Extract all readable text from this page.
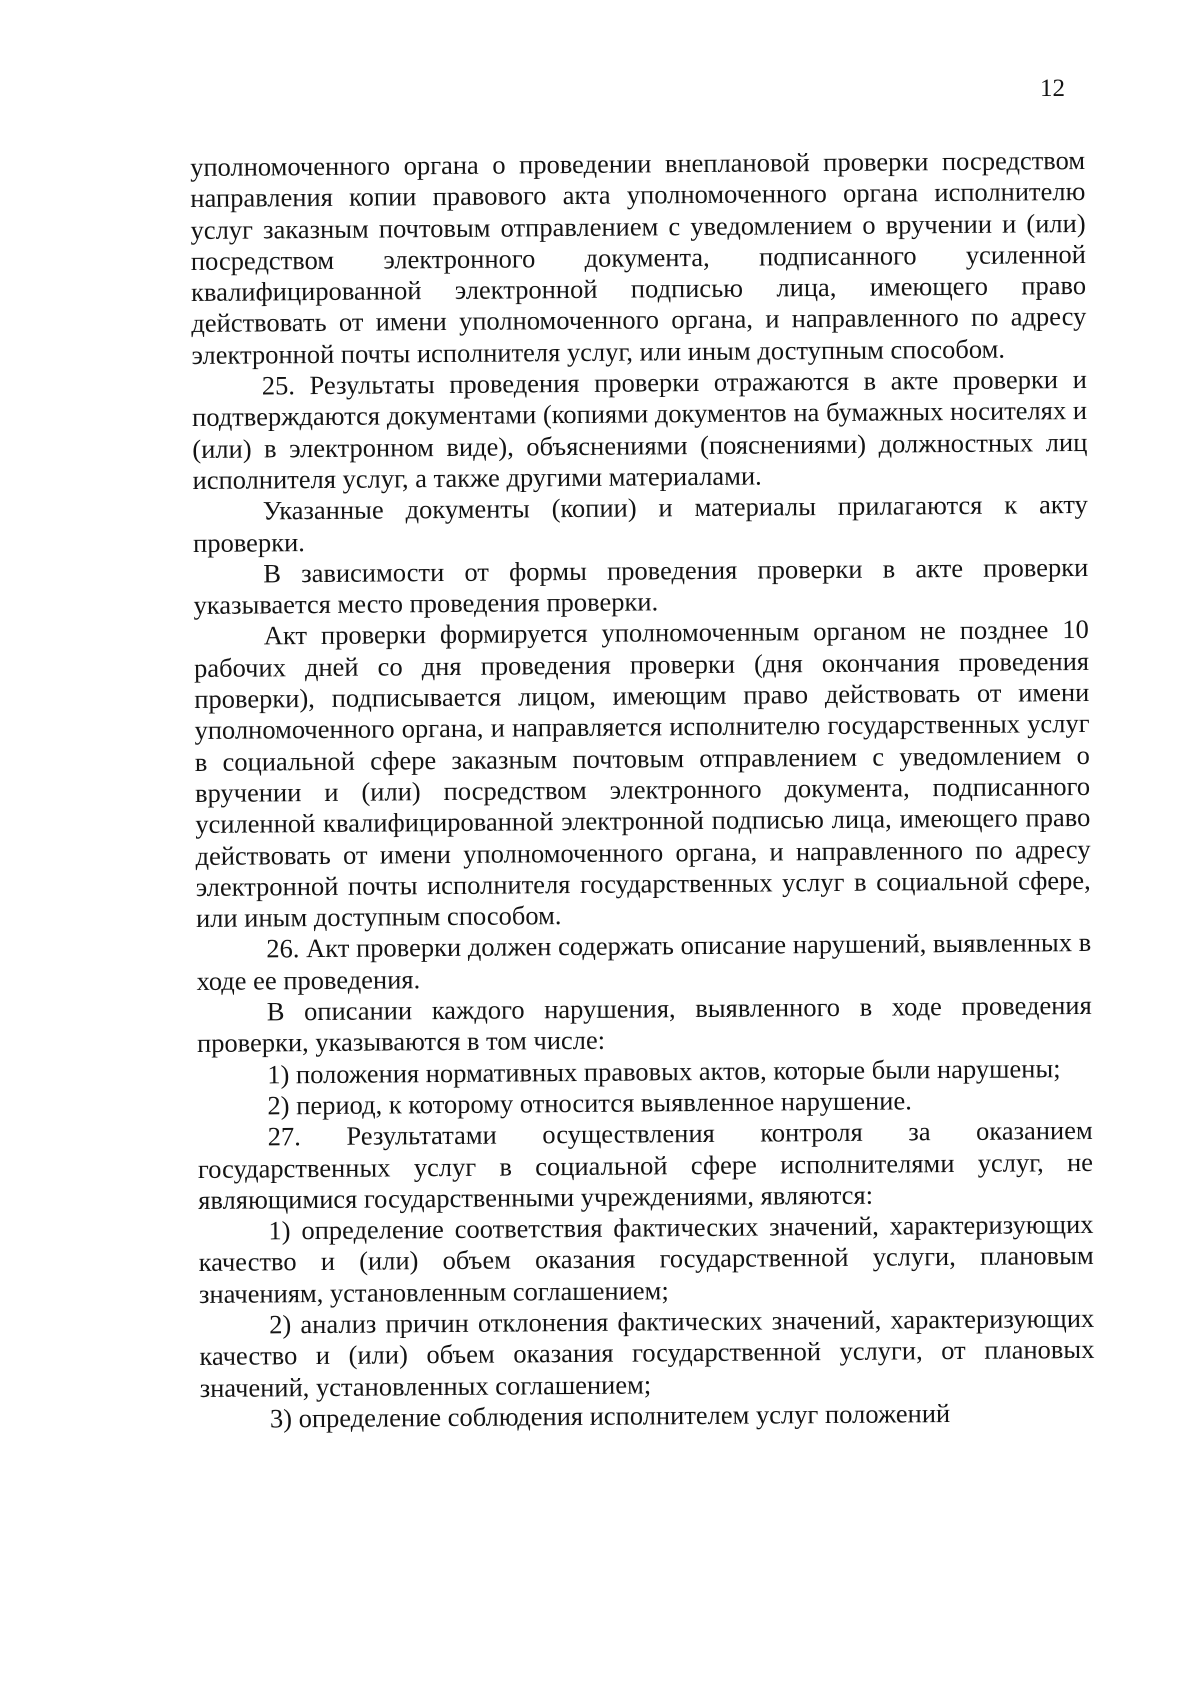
12

уполномоченного органа о проведении внеплановой проверки посредством направления копии правового акта уполномоченного органа исполнителю услуг заказным почтовым отправлением с уведомлением о вручении и (или) посредством электронного документа, подписанного усиленной квалифицированной электронной подписью лица, имеющего право действовать от имени уполномоченного органа, и направленного по адресу электронной почты исполнителя услуг, или иным доступным способом.

25. Результаты проведения проверки отражаются в акте проверки и подтверждаются документами (копиями документов на бумажных носителях и (или) в электронном виде), объяснениями (пояснениями) должностных лиц исполнителя услуг, а также другими материалами.

Указанные документы (копии) и материалы прилагаются к акту проверки.

В зависимости от формы проведения проверки в акте проверки указывается место проведения проверки.

Акт проверки формируется уполномоченным органом не позднее 10 рабочих дней со дня проведения проверки (дня окончания проведения проверки), подписывается лицом, имеющим право действовать от имени уполномоченного органа, и направляется исполнителю государственных услуг в социальной сфере заказным почтовым отправлением с уведомлением о вручении и (или) посредством электронного документа, подписанного усиленной квалифицированной электронной подписью лица, имеющего право действовать от имени уполномоченного органа, и направленного по адресу электронной почты исполнителя государственных услуг в социальной сфере, или иным доступным способом.

26. Акт проверки должен содержать описание нарушений, выявленных в ходе ее проведения.

В описании каждого нарушения, выявленного в ходе проведения проверки, указываются в том числе:

1) положения нормативных правовых актов, которые были нарушены;

2) период, к которому относится выявленное нарушение.

27. Результатами осуществления контроля за оказанием государственных услуг в социальной сфере исполнителями услуг, не являющимися государственными учреждениями, являются:

1) определение соответствия фактических значений, характеризующих качество и (или) объем оказания государственной услуги, плановым значениям, установленным соглашением;

2) анализ причин отклонения фактических значений, характеризующих качество и (или) объем оказания государственной услуги, от плановых значений, установленных соглашением;

3) определение соблюдения исполнителем услуг положений
